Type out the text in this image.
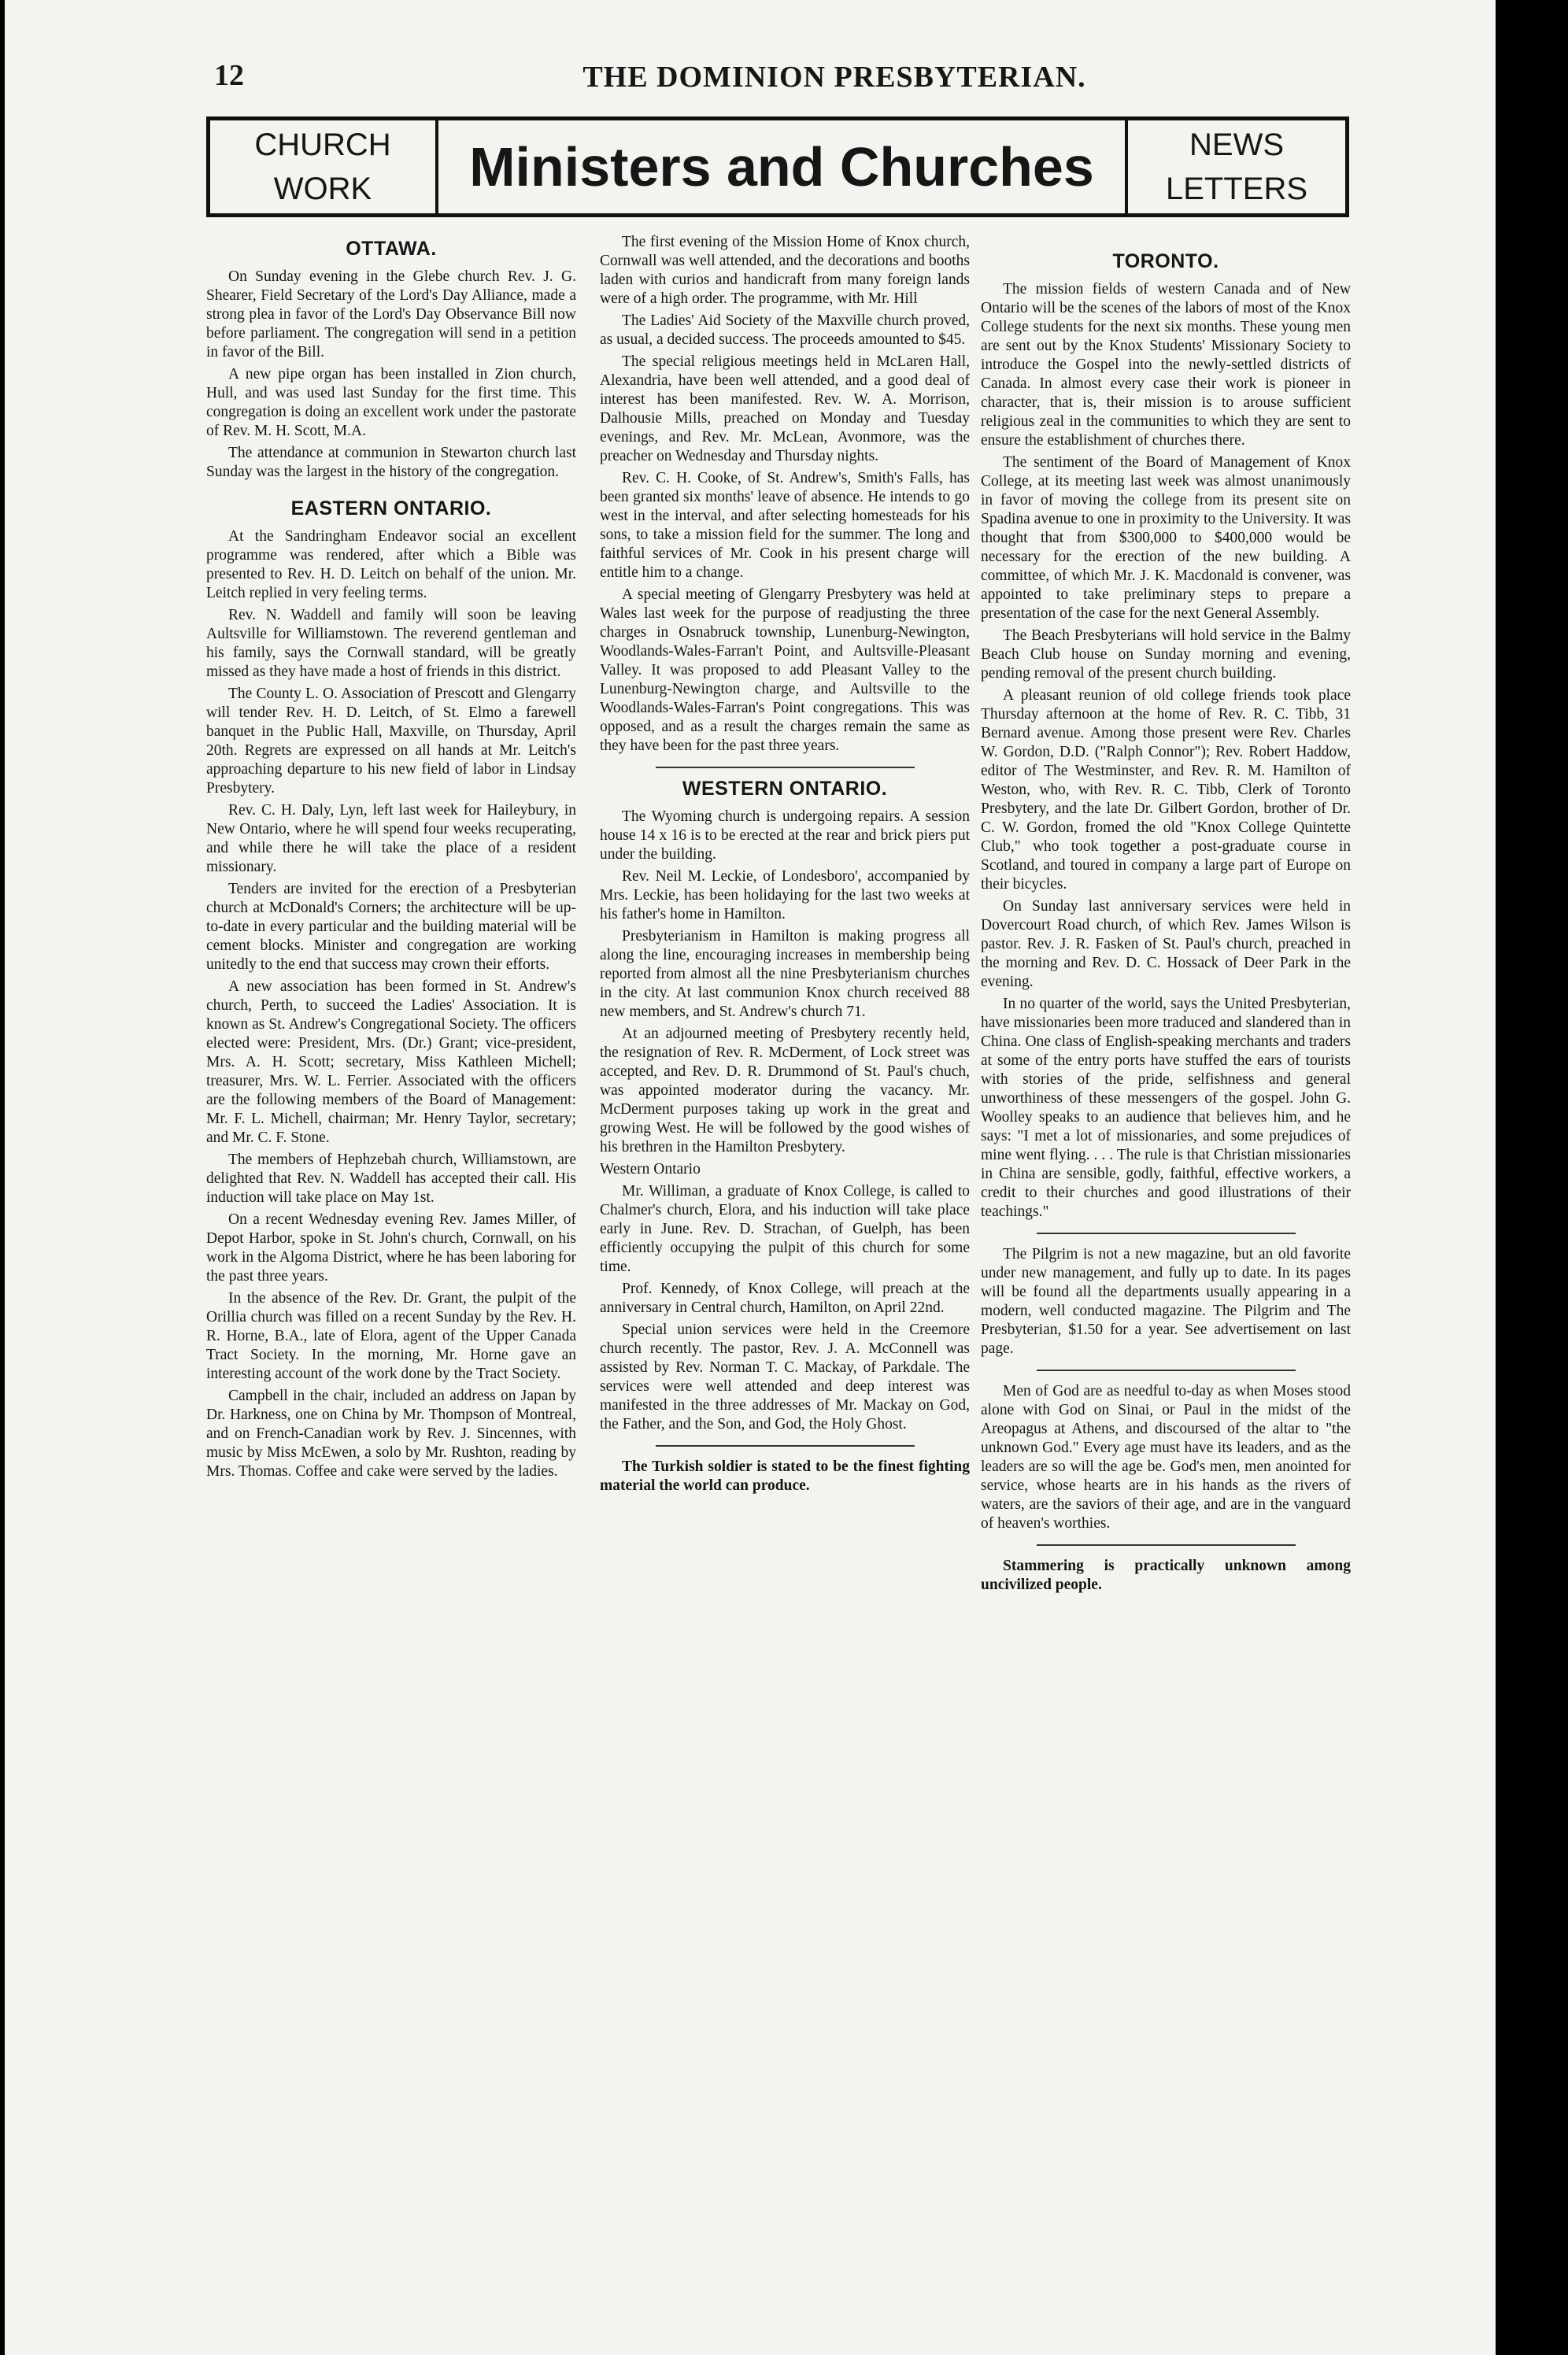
12	THE DOMINION PRESBYTERIAN.
CHURCH
WORK	Ministers and Churches	NEWS
LETTERS
OTTAWA.

On Sunday evening in the Glebe church Rev. J. G. Shearer, Field Secretary of the Lord's Day Alliance, made a strong plea in favor of the Lord's Day Observance Bill now before parliament. The congregation will send in a petition in favor of the Bill.

A new pipe organ has been installed in Zion church, Hull, and was used last Sunday for the first time. This congregation is doing an excellent work under the pastorate of Rev. M. H. Scott, M.A.

The attendance at communion in Stewarton church last Sunday was the largest in the history of the congregation.

EASTERN ONTARIO.

At the Sandringham Endeavor social an excellent programme was rendered, after which a Bible was presented to Rev. H. D. Leitch on behalf of the union. Mr. Leitch replied in very feeling terms.

Rev. N. Waddell and family will soon be leaving Aultsville for Williamstown. The reverend gentleman and his family, says the Cornwall standard, will be greatly missed as they have made a host of friends in this district.

The County L. O. Association of Prescott and Glengarry will tender Rev. H. D. Leitch, of St. Elmo a farewell banquet in the Public Hall, Maxville, on Thursday, April 20th. Regrets are expressed on all hands at Mr. Leitch's approaching departure to his new field of labor in Lindsay Presbytery.

Rev. C. H. Daly, Lyn, left last week for Haileybury, in New Ontario, where he will spend four weeks recuperating, and while there he will take the place of a resident missionary.

Tenders are invited for the erection of a Presbyterian church at McDonald's Corners; the architecture will be up-to-date in every particular and the building material will be cement blocks. Minister and congregation are working unitedly to the end that success may crown their efforts.

A new association has been formed in St. Andrew's church, Perth, to succeed the Ladies' Association. It is known as St. Andrew's Congregational Society. The officers elected were: President, Mrs. (Dr.) Grant; vice-president, Mrs. A. H. Scott; secretary, Miss Kathleen Michell; treasurer, Mrs. W. L. Ferrier. Associated with the officers are the following members of the Board of Management: Mr. F. L. Michell, chairman; Mr. Henry Taylor, secretary; and Mr. C. F. Stone.

The members of Hephzebah church, Williamstown, are delighted that Rev. N. Waddell has accepted their call. His induction will take place on May 1st.

On a recent Wednesday evening Rev. James Miller, of Depot Harbor, spoke in St. John's church, Cornwall, on his work in the Algoma District, where he has been laboring for the past three years.

In the absence of the Rev. Dr. Grant, the pulpit of the Orillia church was filled on a recent Sunday by the Rev. H. R. Horne, B.A., late of Elora, agent of the Upper Canada Tract Society. In the morning, Mr. Horne gave an interesting account of the work done by the Tract Society.

Campbell in the chair, included an address on Japan by Dr. Harkness, one on China by Mr. Thompson of Montreal, and on French-Canadian work by Rev. J. Sincennes, with music by Miss McEwen, a solo by Mr. Rushton, reading by Mrs. Thomas. Coffee and cake were served by the ladies.

The first evening of the Mission Home of Knox church, Cornwall was well attended, and the decorations and booths laden with curios and handicraft from many foreign lands were of a high order. The programme, with Mr. Hill

The Ladies' Aid Society of the Maxville church proved, as usual, a decided success. The proceeds amounted to $45.

The special religious meetings held in McLaren Hall, Alexandria, have been well attended, and a good deal of interest has been manifested. Rev. W. A. Morrison, Dalhousie Mills, preached on Monday and Tuesday evenings, and Rev. Mr. McLean, Avonmore, was the preacher on Wednesday and Thursday nights.

Rev. C. H. Cooke, of St. Andrew's, Smith's Falls, has been granted six months' leave of absence. He intends to go west in the interval, and after selecting homesteads for his sons, to take a mission field for the summer. The long and faithful services of Mr. Cook in his present charge will entitle him to a change.

A special meeting of Glengarry Presbytery was held at Wales last week for the purpose of readjusting the three charges in Osnabruck township, Lunenburg-Newington, Woodlands-Wales-Farran't Point, and Aultsville-Pleasant Valley. It was proposed to add Pleasant Valley to the Lunenburg-Newington charge, and Aultsville to the Woodlands-Wales-Farran's Point congregations. This was opposed, and as a result the charges remain the same as they have been for the past three years.

WESTERN ONTARIO.

The Wyoming church is undergoing repairs. A session house 14 x 16 is to be erected at the rear and brick piers put under the building.

Rev. Neil M. Leckie, of Londesboro', accompanied by Mrs. Leckie, has been holidaying for the last two weeks at his father's home in Hamilton.

Presbyterianism in Hamilton is making progress all along the line, encouraging increases in membership being reported from almost all the nine Presbyterianism churches in the city. At last communion Knox church received 88 new members, and St. Andrew's church 71.

At an adjourned meeting of Presbytery recently held, the resignation of Rev. R. McDerment, of Lock street was accepted, and Rev. D. R. Drummond of St. Paul's chuch, was appointed moderator during the vacancy. Mr. McDerment purposes taking up work in the great and growing West. He will be followed by the good wishes of his brethren in the Hamilton Presbytery.

Western Ontario

Mr. Williman, a graduate of Knox College, is called to Chalmer's church, Elora, and his induction will take place early in June. Rev. D. Strachan, of Guelph, has been efficiently occupying the pulpit of this church for some time.

Prof. Kennedy, of Knox College, will preach at the anniversary in Central church, Hamilton, on April 22nd.

Special union services were held in the Creemore church recently. The pastor, Rev. J. A. McConnell was assisted by Rev. Norman T. C. Mackay, of Parkdale. The services were well attended and deep interest was manifested in the three addresses of Mr. Mackay on God, the Father, and the Son, and God, the Holy Ghost.

The Turkish soldier is stated to be the finest fighting material the world can produce.

TORONTO.

The mission fields of western Canada and of New Ontario will be the scenes of the labors of most of the Knox College students for the next six months. These young men are sent out by the Knox Students' Missionary Society to introduce the Gospel into the newly-settled districts of Canada. In almost every case their work is pioneer in character, that is, their mission is to arouse sufficient religious zeal in the communities to which they are sent to ensure the establishment of churches there.

The sentiment of the Board of Management of Knox College, at its meeting last week was almost unanimously in favor of moving the college from its present site on Spadina avenue to one in proximity to the University. It was thought that from $300,000 to $400,000 would be necessary for the erection of the new building. A committee, of which Mr. J. K. Macdonald is convener, was appointed to take preliminary steps to prepare a presentation of the case for the next General Assembly.

The Beach Presbyterians will hold service in the Balmy Beach Club house on Sunday morning and evening, pending removal of the present church building.

A pleasant reunion of old college friends took place Thursday afternoon at the home of Rev. R. C. Tibb, 31 Bernard avenue. Among those present were Rev. Charles W. Gordon, D.D. ("Ralph Connor"); Rev. Robert Haddow, editor of The Westminster, and Rev. R. M. Hamilton of Weston, who, with Rev. R. C. Tibb, Clerk of Toronto Presbytery, and the late Dr. Gilbert Gordon, brother of Dr. C. W. Gordon, fromed the old "Knox College Quintette Club," who took together a post-graduate course in Scotland, and toured in company a large part of Europe on their bicycles.

On Sunday last anniversary services were held in Dovercourt Road church, of which Rev. James Wilson is pastor. Rev. J. R. Fasken of St. Paul's church, preached in the morning and Rev. D. C. Hossack of Deer Park in the evening.

In no quarter of the world, says the United Presbyterian, have missionaries been more traduced and slandered than in China. One class of English-speaking merchants and traders at some of the entry ports have stuffed the ears of tourists with stories of the pride, selfishness and general unworthiness of these messengers of the gospel. John G. Woolley speaks to an audience that believes him, and he says: "I met a lot of missionaries, and some prejudices of mine went flying. . . . The rule is that Christian missionaries in China are sensible, godly, faithful, effective workers, a credit to their churches and good illustrations of their teachings."

The Pilgrim is not a new magazine, but an old favorite under new management, and fully up to date. In its pages will be found all the departments usually appearing in a modern, well conducted magazine. The Pilgrim and The Presbyterian, $1.50 for a year. See advertisement on last page.

Men of God are as needful to-day as when Moses stood alone with God on Sinai, or Paul in the midst of the Areopagus at Athens, and discoursed of the altar to "the unknown God." Every age must have its leaders, and as the leaders are so will the age be. God's men, men anointed for service, whose hearts are in his hands as the rivers of waters, are the saviors of their age, and are in the vanguard of heaven's worthies.

Stammering is practically unknown among uncivilized people.
